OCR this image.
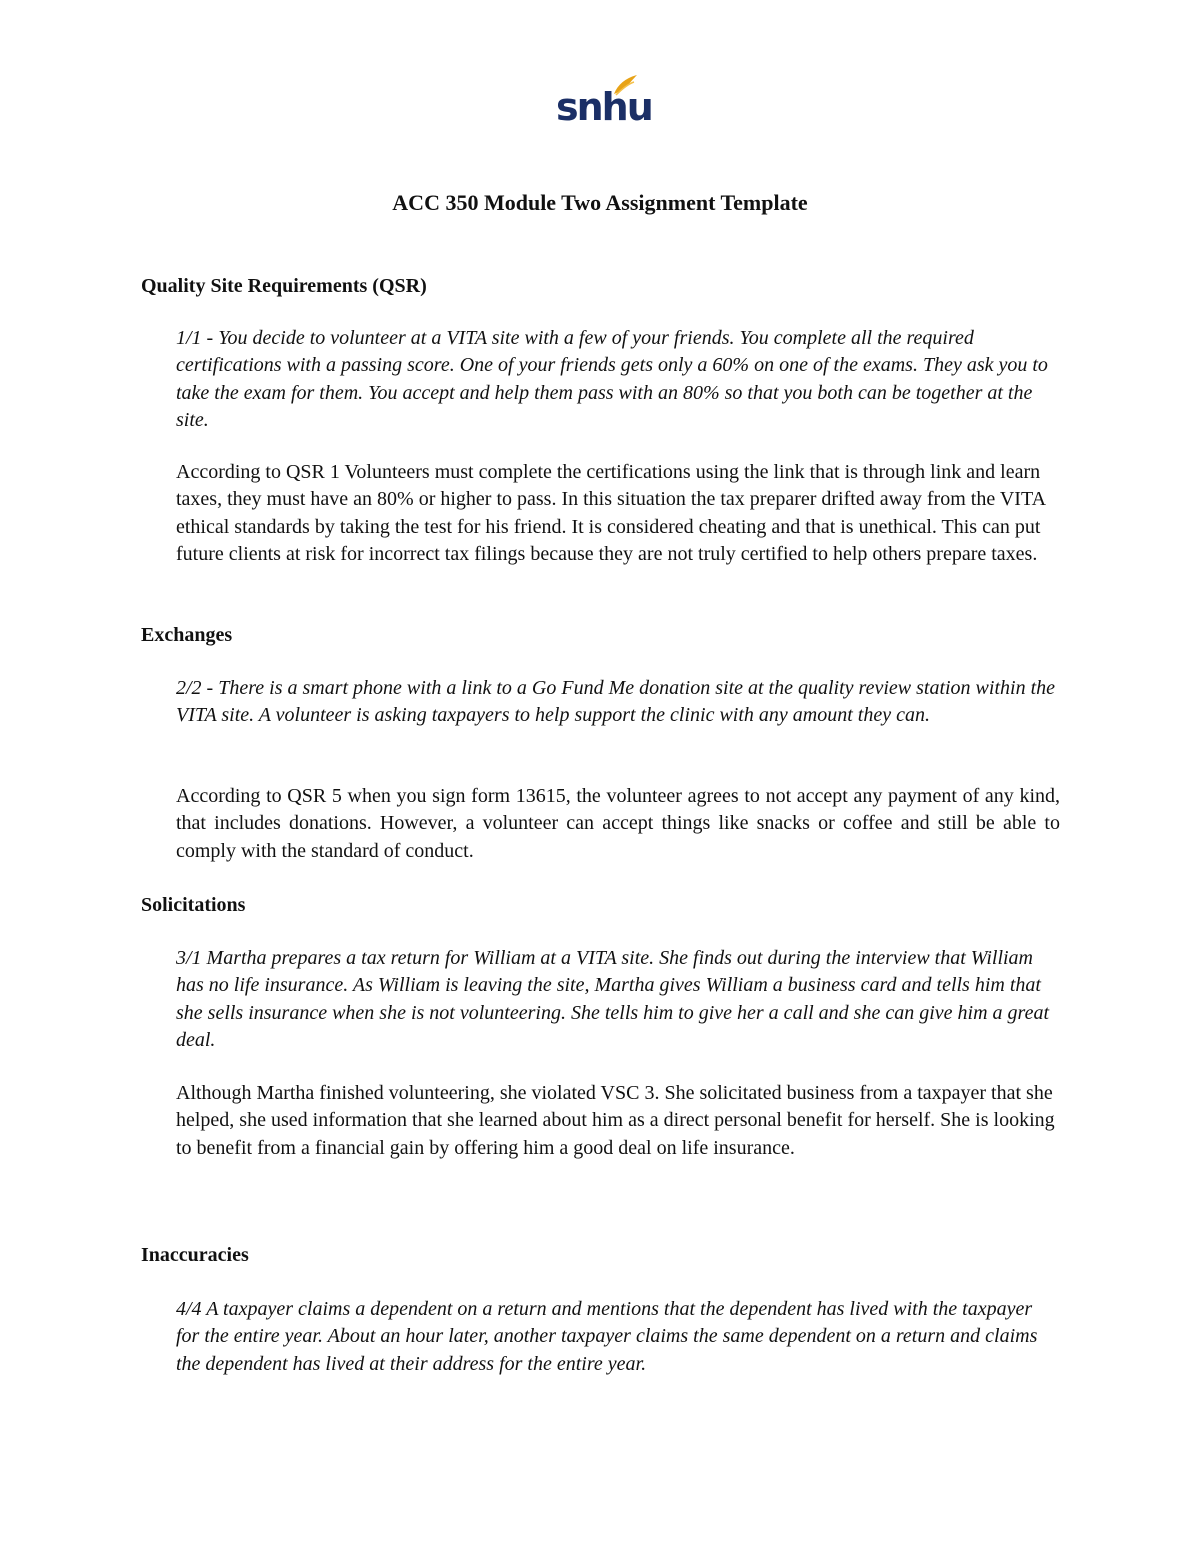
snhu
ACC 350 Module Two Assignment Template
Quality Site Requirements (QSR)

1/1 - You decide to volunteer at a VITA site with a few of your friends. You complete all the required certifications with a passing score. One of your friends gets only a 60% on one of the exams. They ask you to take the exam for them. You accept and help them pass with an 80% so that you both can be together at the site.

According to QSR 1 Volunteers must complete the certifications using the link that is through link and learn taxes, they must have an 80% or higher to pass. In this situation the tax preparer drifted away from the VITA ethical standards by taking the test for his friend. It is considered cheating and that is unethical. This can put future clients at risk for incorrect tax filings because they are not truly certified to help others prepare taxes.

Exchanges

2/2 - There is a smart phone with a link to a Go Fund Me donation site at the quality review station within the VITA site. A volunteer is asking taxpayers to help support the clinic with any amount they can.

According to QSR 5 when you sign form 13615, the volunteer agrees to not accept any payment of any kind, that includes donations. However, a volunteer can accept things like snacks or coffee and still be able to comply with the standard of conduct.

Solicitations

3/1 Martha prepares a tax return for William at a VITA site. She finds out during the interview that William has no life insurance. As William is leaving the site, Martha gives William a business card and tells him that she sells insurance when she is not volunteering. She tells him to give her a call and she can give him a great deal.

Although Martha finished volunteering, she violated VSC 3. She solicitated business from a taxpayer that she helped, she used information that she learned about him as a direct personal benefit for herself. She is looking to benefit from a financial gain by offering him a good deal on life insurance.

Inaccuracies

4/4 A taxpayer claims a dependent on a return and mentions that the dependent has lived with the taxpayer for the entire year. About an hour later, another taxpayer claims the same dependent on a return and claims the dependent has lived at their address for the entire year.
